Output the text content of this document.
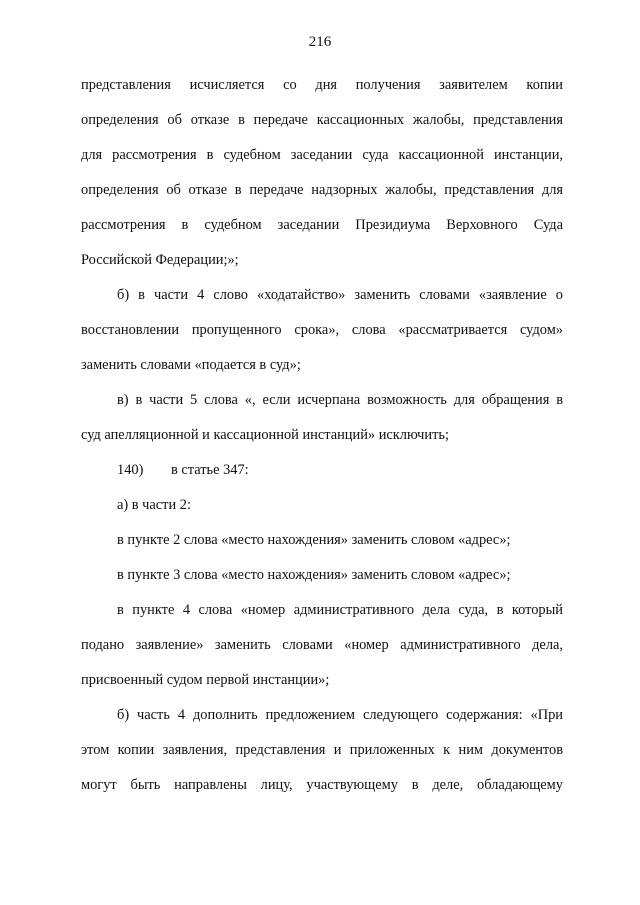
216
представления исчисляется со дня получения заявителем копии
определения об отказе в передаче кассационных жалобы, представления
для рассмотрения в судебном заседании суда кассационной инстанции,
определения об отказе в передаче надзорных жалобы, представления для
рассмотрения в судебном заседании Президиума Верховного Суда
Российской Федерации;»;
б) в части 4 слово «ходатайство» заменить словами «заявление о
восстановлении пропущенного срока», слова «рассматривается судом»
заменить словами «подается в суд»;
в) в части 5 слова «, если исчерпана возможность для обращения в
суд апелляционной и кассационной инстанций» исключить;
140) в статье 347:
а) в части 2:
в пункте 2 слова «место нахождения» заменить словом «адрес»;
в пункте 3 слова «место нахождения» заменить словом «адрес»;
в пункте 4 слова «номер административного дела суда, в который
подано заявление» заменить словами «номер административного дела,
присвоенный судом первой инстанции»;
б) часть 4 дополнить предложением следующего содержания: «При
этом копии заявления, представления и приложенных к ним документов
могут быть направлены лицу, участвующему в деле, обладающему
